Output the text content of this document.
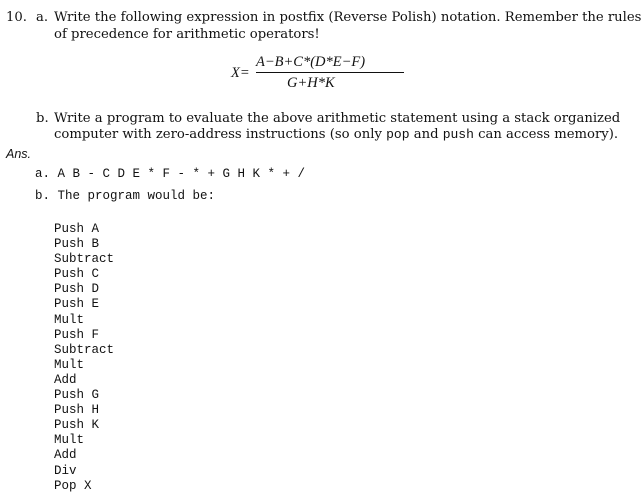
10. a. Write the following expression in postfix (Reverse Polish) notation. Remember the rules
of precedence for arithmetic operators!
X=
A−B+C*(D*E−F)
G+H*K
b. Write a program to evaluate the above arithmetic statement using a stack organized
computer with zero-address instructions (so only pop and push can access memory).
Ans.
a. A B - C D E * F - * + G H K * + /
b. The program would be:
Push A
Push B
Subtract
Push C
Push D
Push E
Mult
Push F
Subtract
Mult
Add
Push G
Push H
Push K
Mult
Add
Div
Pop X
